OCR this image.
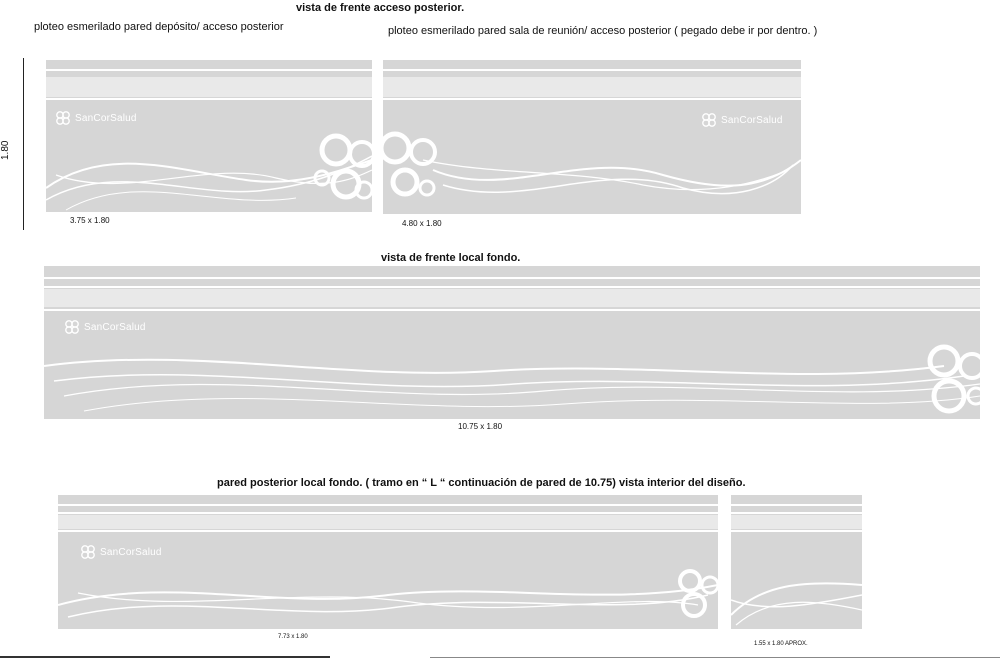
vista de frente acceso posterior.
ploteo esmerilado pared depósito/ acceso posterior	ploteo esmerilado pared sala de reunión/ acceso posterior ( pegado debe ir por dentro. )
1.80
SanCorSalud
3.75 x 1.80
SanCorSalud
4.80 x 1.80
vista de frente local fondo.
SanCorSalud
10.75 x 1.80
pared posterior local fondo. ( tramo en “ L “ continuación de pared de 10.75) vista interior del diseño.
SanCorSalud
7.73 x 1.80
1.55 x 1.80 APROX.
